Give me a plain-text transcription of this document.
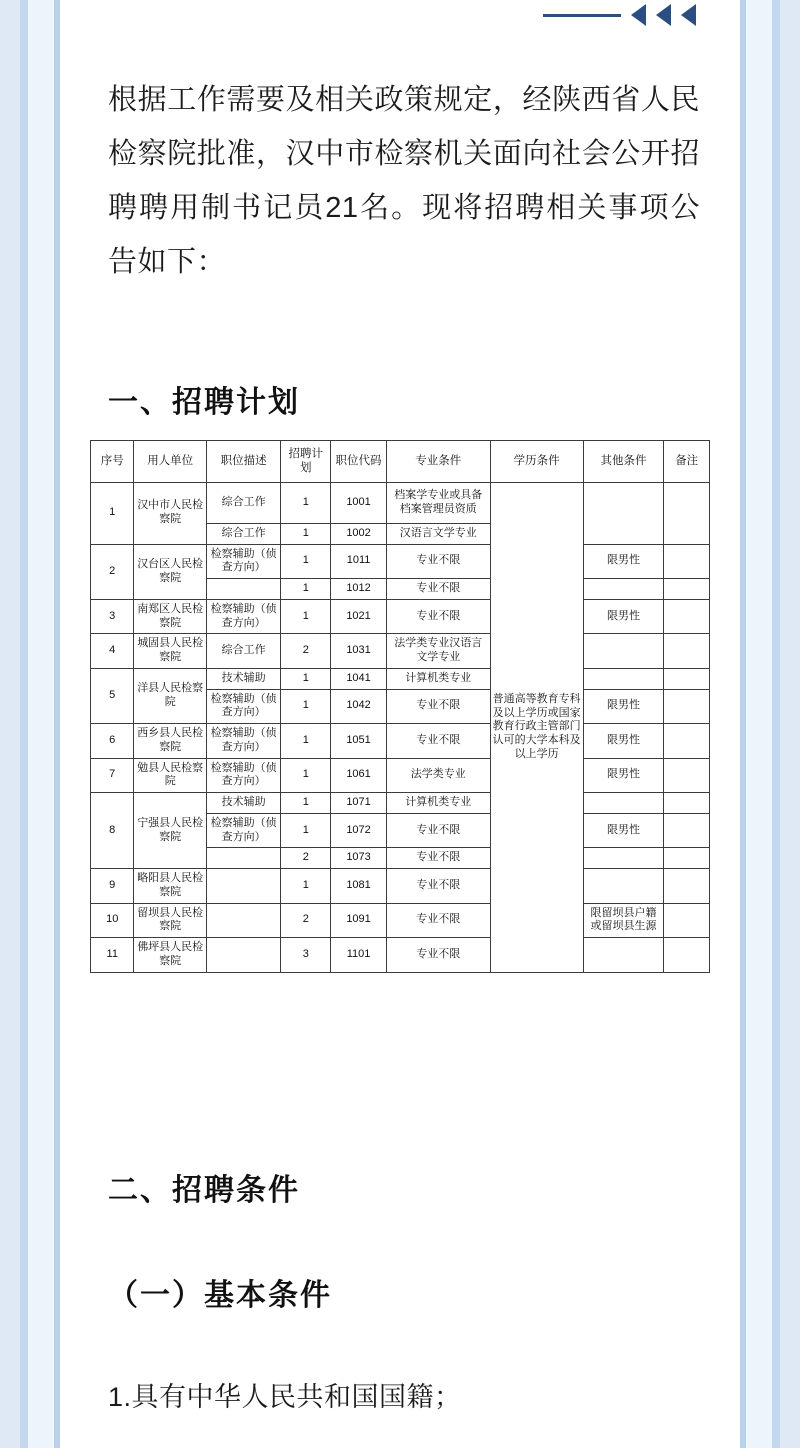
根据工作需要及相关政策规定，经陕西省人民检察院批准，汉中市检察机关面向社会公开招聘聘用制书记员21名。现将招聘相关事项公告如下：

一、招聘计划
序号	用人单位	职位描述	招聘计划	职位代码	专业条件	学历条件	其他条件	备注
1	汉中市人民检察院	综合工作	1	1001	档案学专业或具备档案管理员资质	普通高等教育专科及以上学历或国家教育行政主管部门认可的大学本科及以上学历		
		综合工作	1	1002	汉语言文学专业			
2	汉台区人民检察院	检察辅助（侦查方向）	1	1011	专业不限		限男性	
			1	1012	专业不限			
3	南郑区人民检察院	检察辅助（侦查方向）	1	1021	专业不限		限男性	
4	城固县人民检察院	综合工作	2	1031	法学类专业汉语言文学专业			
5	洋县人民检察院	技术辅助	1	1041	计算机类专业			
		检察辅助（侦查方向）	1	1042	专业不限		限男性	
6	西乡县人民检察院	检察辅助（侦查方向）	1	1051	专业不限		限男性	
7	勉县人民检察院	检察辅助（侦查方向）	1	1061	法学类专业		限男性	
8	宁强县人民检察院	技术辅助	1	1071	计算机类专业			
		检察辅助（侦查方向）	1	1072	专业不限		限男性	
			2	1073	专业不限			
9	略阳县人民检察院		1	1081	专业不限			
10	留坝县人民检察院		2	1091	专业不限		限留坝县户籍或留坝县生源	
11	佛坪县人民检察院		3	1101	专业不限			
二、招聘条件
（一）基本条件

1.具有中华人民共和国国籍；
